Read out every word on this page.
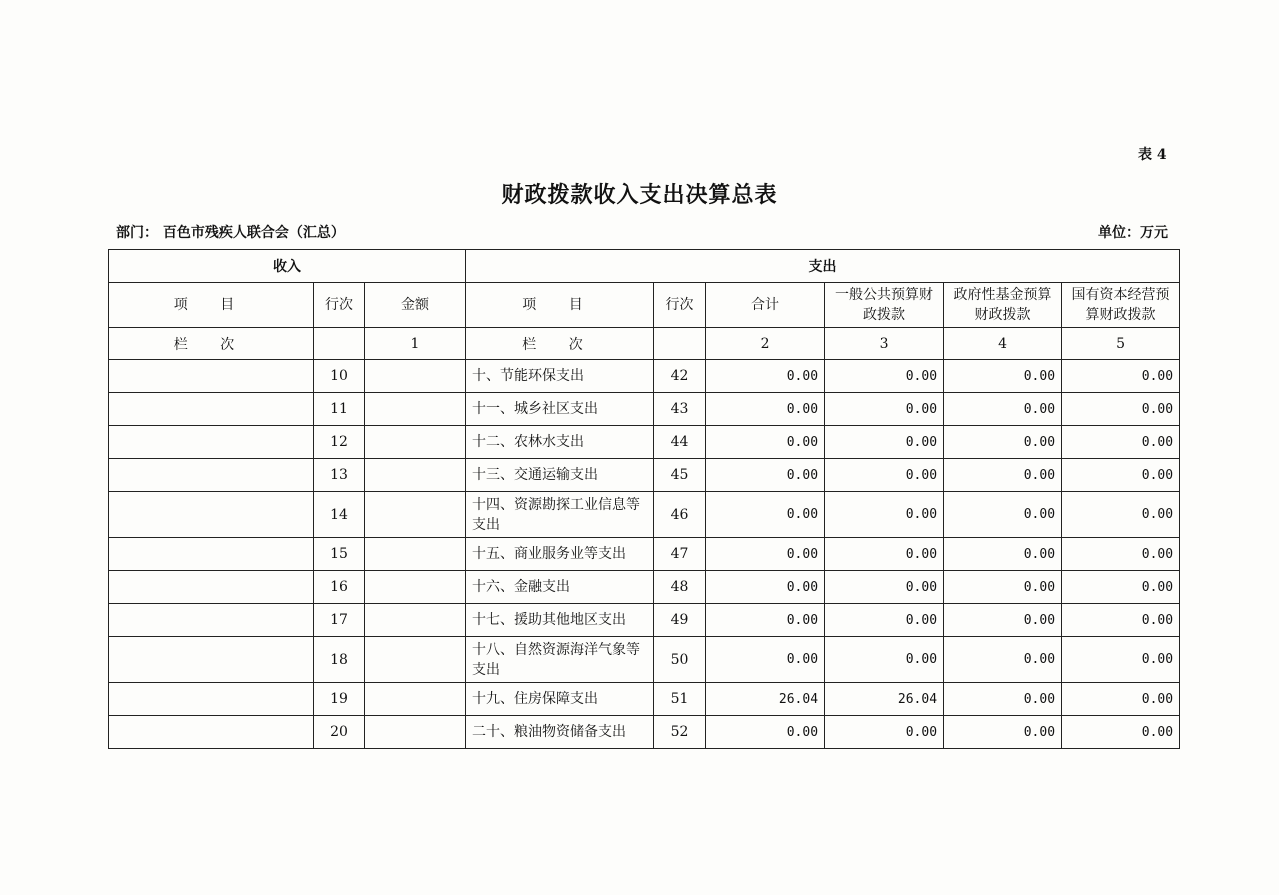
表 4
财政拨款收入支出决算总表
部门： 百色市残疾人联合会（汇总）	单位：万元
收入			支出					
项 目	行次	金额	项 目	行次	合计	一般公共预算财政拨款	政府性基金预算财政拨款	国有资本经营预算财政拨款
栏 次		1	栏 次		2	3	4	5
	10		十、节能环保支出	42	0.00	0.00	0.00	0.00
	11		十一、城乡社区支出	43	0.00	0.00	0.00	0.00
	12		十二、农林水支出	44	0.00	0.00	0.00	0.00
	13		十三、交通运输支出	45	0.00	0.00	0.00	0.00
	14		十四、资源勘探工业信息等支出	46	0.00	0.00	0.00	0.00
	15		十五、商业服务业等支出	47	0.00	0.00	0.00	0.00
	16		十六、金融支出	48	0.00	0.00	0.00	0.00
	17		十七、援助其他地区支出	49	0.00	0.00	0.00	0.00
	18		十八、自然资源海洋气象等支出	50	0.00	0.00	0.00	0.00
	19		十九、住房保障支出	51	26.04	26.04	0.00	0.00
	20		二十、粮油物资储备支出	52	0.00	0.00	0.00	0.00
